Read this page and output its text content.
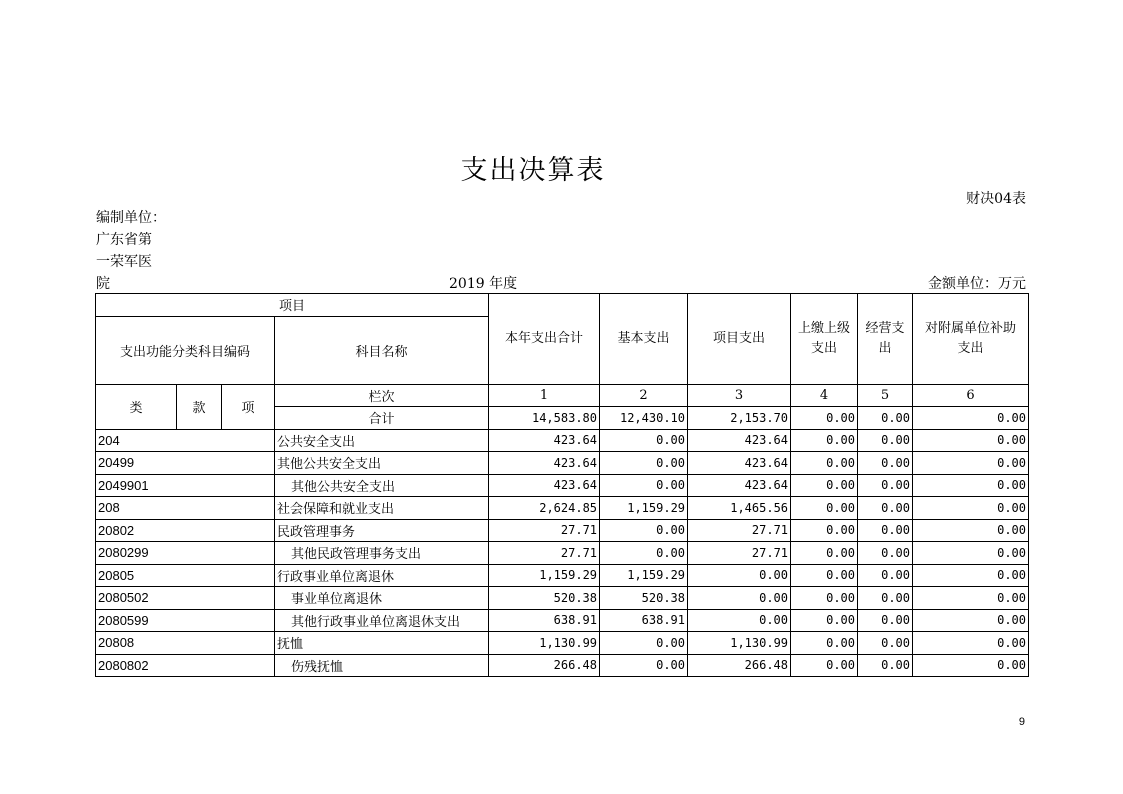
支出决算表
财决04表
编制单位：
广东省第
一荣军医
院	2019 年度	金额单位：万元
项目				本年支出合计	基本支出	项目支出	上缴上级支出	经营支出	对附属单位补助支出
支出功能分类科目编码			科目名称						
类	款	项	栏次	1	2	3	4	5	6
			合计	14,583.80	12,430.10	2,153.70	0.00	0.00	0.00
204			公共安全支出	423.64	0.00	423.64	0.00	0.00	0.00
20499			其他公共安全支出	423.64	0.00	423.64	0.00	0.00	0.00
2049901			其他公共安全支出	423.64	0.00	423.64	0.00	0.00	0.00
208			社会保障和就业支出	2,624.85	1,159.29	1,465.56	0.00	0.00	0.00
20802			民政管理事务	27.71	0.00	27.71	0.00	0.00	0.00
2080299			其他民政管理事务支出	27.71	0.00	27.71	0.00	0.00	0.00
20805			行政事业单位离退休	1,159.29	1,159.29	0.00	0.00	0.00	0.00
2080502			事业单位离退休	520.38	520.38	0.00	0.00	0.00	0.00
2080599			其他行政事业单位离退休支出	638.91	638.91	0.00	0.00	0.00	0.00
20808			抚恤	1,130.99	0.00	1,130.99	0.00	0.00	0.00
2080802			伤残抚恤	266.48	0.00	266.48	0.00	0.00	0.00
9
